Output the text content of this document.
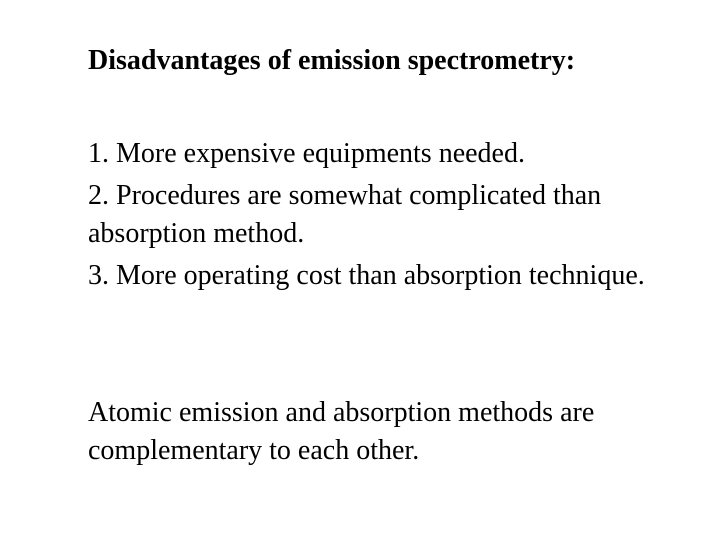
Disadvantages of emission spectrometry:
1. More expensive equipments needed.
2. Procedures are somewhat complicated than absorption method.
3. More operating cost than absorption technique.
Atomic emission and absorption methods are complementary to each other.
